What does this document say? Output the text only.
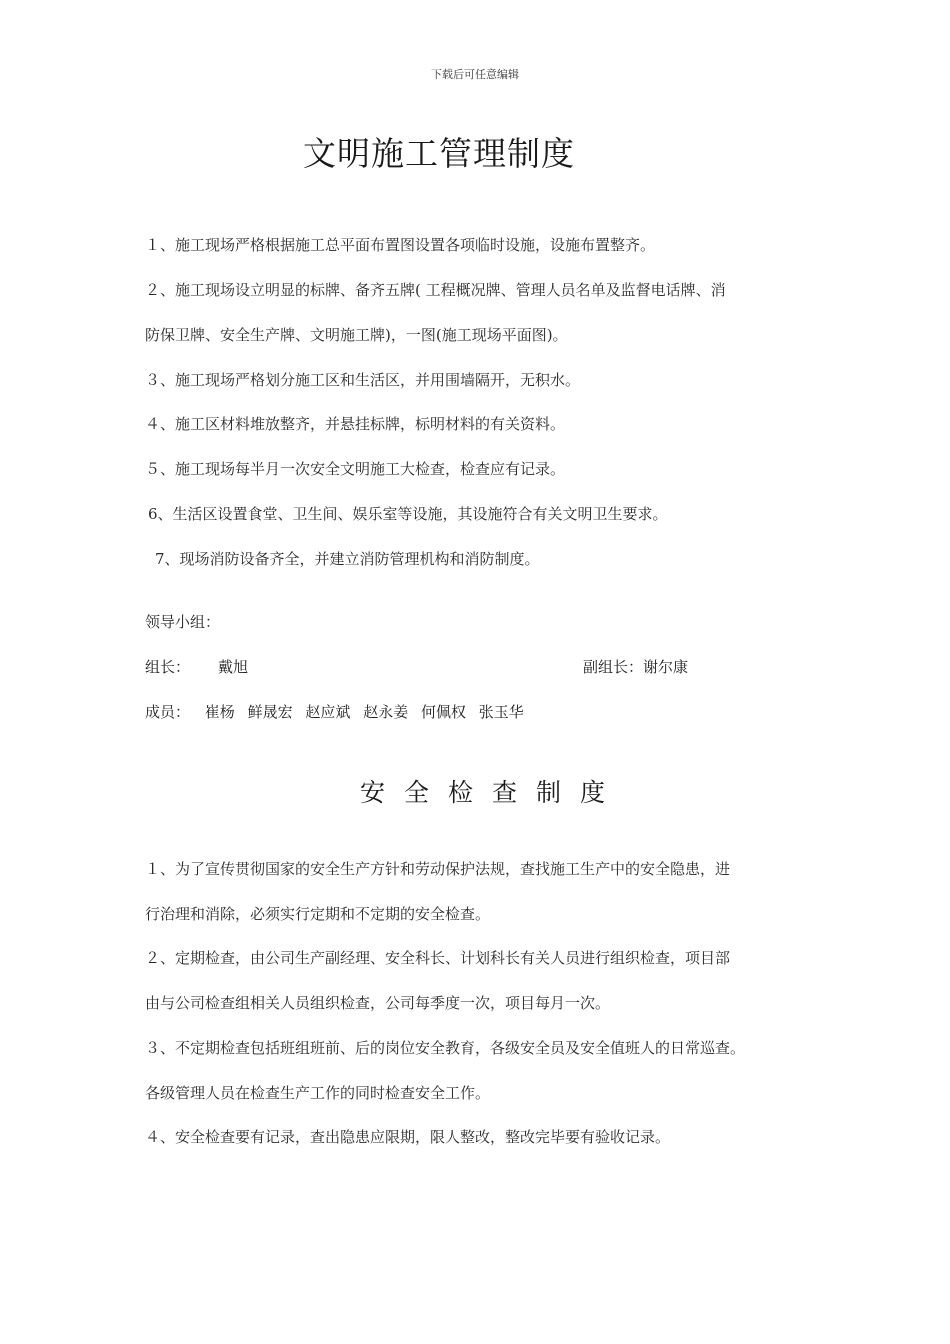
下载后可任意编辑
文明施工管理制度
１、施工现场严格根据施工总平面布置图设置各项临时设施，设施布置整齐。
２、施工现场设立明显的标牌、备齐五牌( 工程概况牌、管理人员名单及监督电话牌、消
防保卫牌、安全生产牌、文明施工牌)，一图(施工现场平面图)。
３、施工现场严格划分施工区和生活区，并用围墙隔开，无积水。
４、施工区材料堆放整齐，并悬挂标牌，标明材料的有关资料。
５、施工现场每半月一次安全文明施工大检查，检查应有记录。
6、生活区设置食堂、卫生间、娱乐室等设施，其设施符合有关文明卫生要求。
7、现场消防设备齐全，并建立消防管理机构和消防制度。
领导小组：
组长： 戴旭	副组长：谢尔康
成员： 崔杨 鲜晟宏 赵应斌 赵永姜 何佩权 张玉华
安全检查制度
１、为了宣传贯彻国家的安全生产方针和劳动保护法规，查找施工生产中的安全隐患，进
行治理和消除，必须实行定期和不定期的安全检查。
２、定期检查，由公司生产副经理、安全科长、计划科长有关人员进行组织检查，项目部
由与公司检查组相关人员组织检查，公司每季度一次，项目每月一次。
３、不定期检查包括班组班前、后的岗位安全教育，各级安全员及安全值班人的日常巡查。
各级管理人员在检查生产工作的同时检查安全工作。
４、安全检查要有记录，查出隐患应限期，限人整改，整改完毕要有验收记录。
